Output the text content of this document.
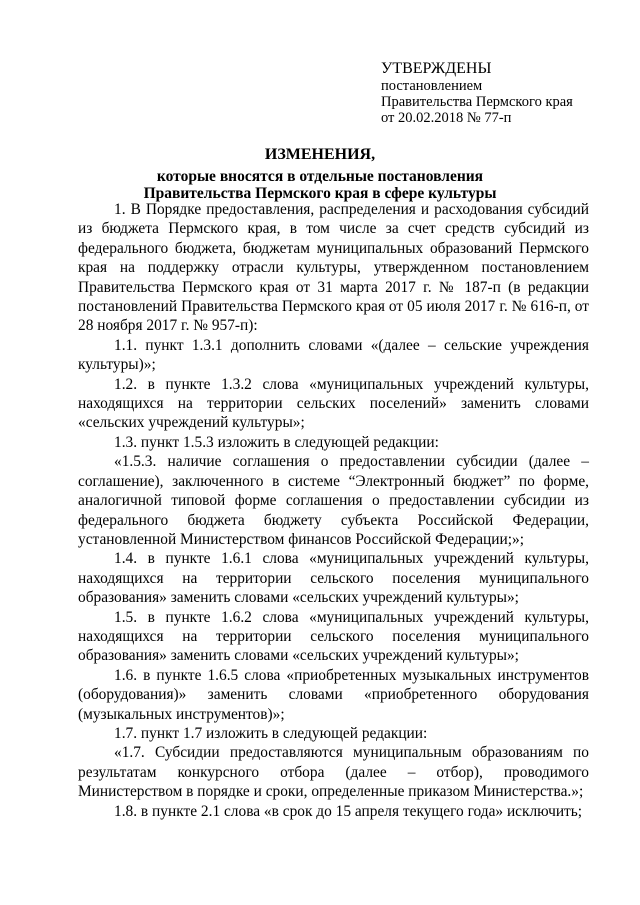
УТВЕРЖДЕНЫ
постановлением
Правительства Пермского края
от 20.02.2018 № 77-п
ИЗМЕНЕНИЯ,
которые вносятся в отдельные постановления
Правительства Пермского края в сфере культуры

1. В Порядке предоставления, распределения и расходования субсидий из бюджета Пермского края, в том числе за счет средств субсидий из федерального бюджета, бюджетам муниципальных образований Пермского края на поддержку отрасли культуры, утвержденном постановлением Правительства Пермского края от 31 марта 2017 г. № 187-п (в редакции постановлений Правительства Пермского края от 05 июля 2017 г. № 616-п, от 28 ноября 2017 г. № 957-п):

1.1. пункт 1.3.1 дополнить словами «(далее – сельские учреждения культуры)»;

1.2. в пункте 1.3.2 слова «муниципальных учреждений культуры, находящихся на территории сельских поселений» заменить словами «сельских учреждений культуры»;

1.3. пункт 1.5.3 изложить в следующей редакции:

«1.5.3. наличие соглашения о предоставлении субсидии (далее – соглашение), заключенного в системе “Электронный бюджет” по форме, аналогичной типовой форме соглашения о предоставлении субсидии из федерального бюджета бюджету субъекта Российской Федерации, установленной Министерством финансов Российской Федерации;»;

1.4. в пункте 1.6.1 слова «муниципальных учреждений культуры, находящихся на территории сельского поселения муниципального образования» заменить словами «сельских учреждений культуры»;

1.5. в пункте 1.6.2 слова «муниципальных учреждений культуры, находящихся на территории сельского поселения муниципального образования» заменить словами «сельских учреждений культуры»;

1.6. в пункте 1.6.5 слова «приобретенных музыкальных инструментов (оборудования)» заменить словами «приобретенного оборудования (музыкальных инструментов)»;

1.7. пункт 1.7 изложить в следующей редакции:

«1.7. Субсидии предоставляются муниципальным образованиям по результатам конкурсного отбора (далее – отбор), проводимого Министерством в порядке и сроки, определенные приказом Министерства.»;

1.8. в пункте 2.1 слова «в срок до 15 апреля текущего года» исключить;
